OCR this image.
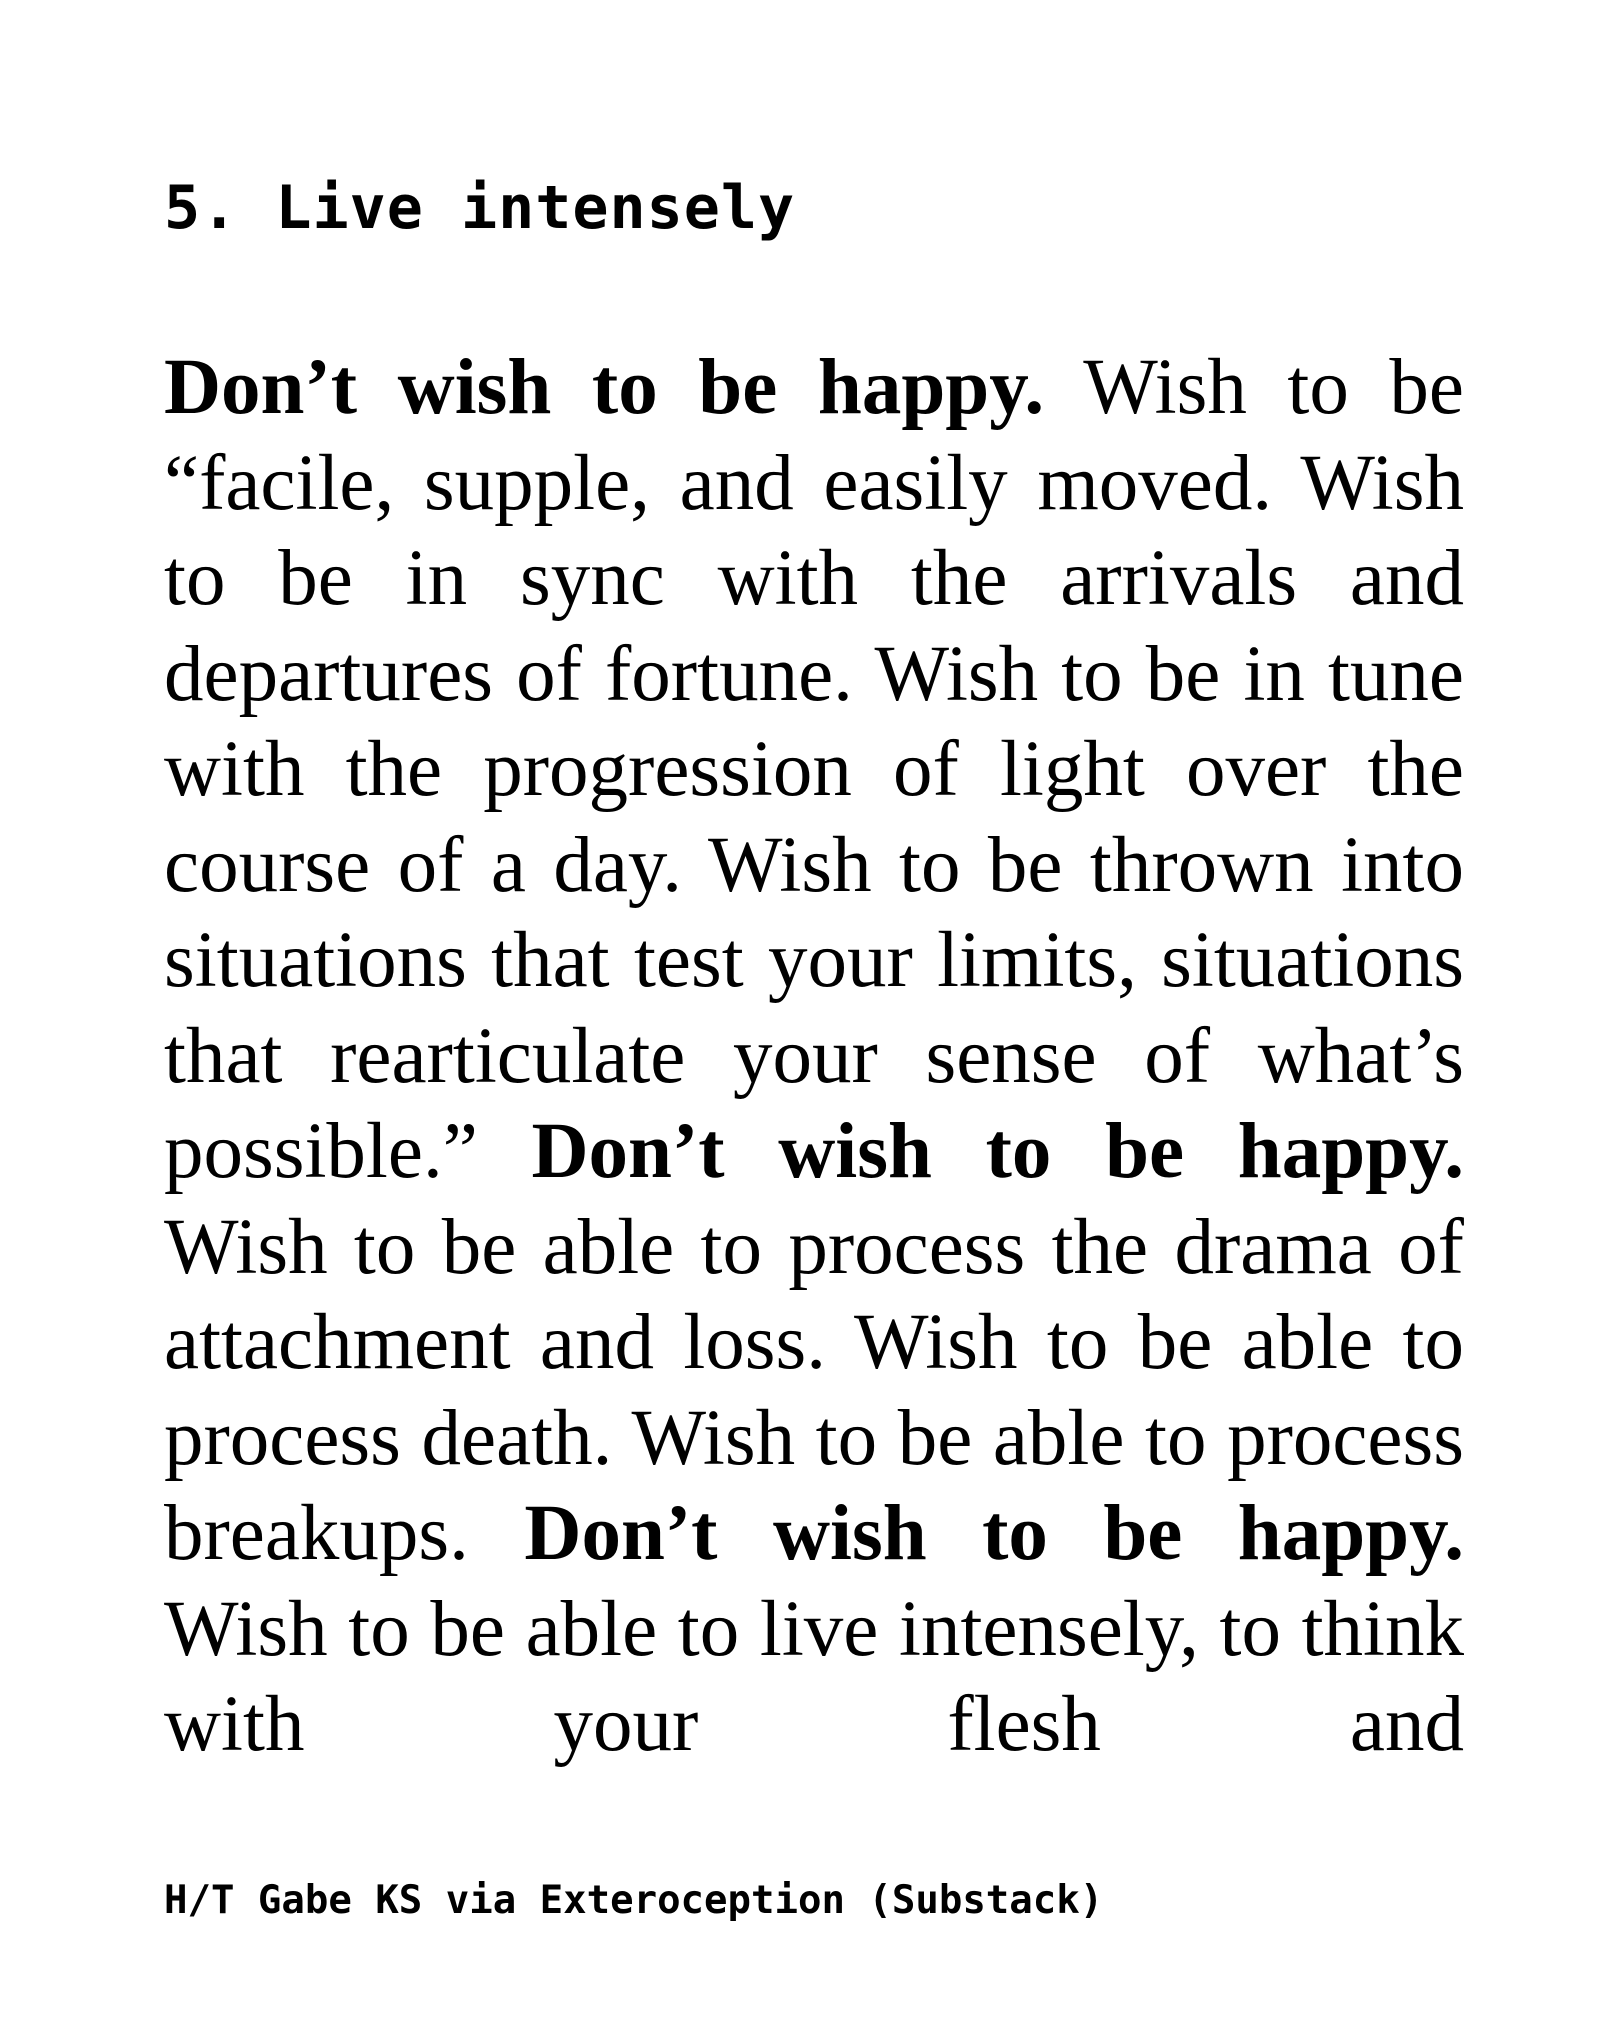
5. Live intensely

Don’t wish to be happy. Wish to be “facile, supple, and easily moved. Wish to be in sync with the arrivals and departures of fortune. Wish to be in tune with the progression of light over the course of a day. Wish to be thrown into situations that test your limits, situations that rearticulate your sense of what’s possible.” Don’t wish to be happy. Wish to be able to process the drama of attachment and loss. Wish to be able to process death. Wish to be able to process breakups. Don’t wish to be happy. Wish to be able to live intensely, to think with your flesh and

H/T Gabe KS via Exteroception (Substack)
